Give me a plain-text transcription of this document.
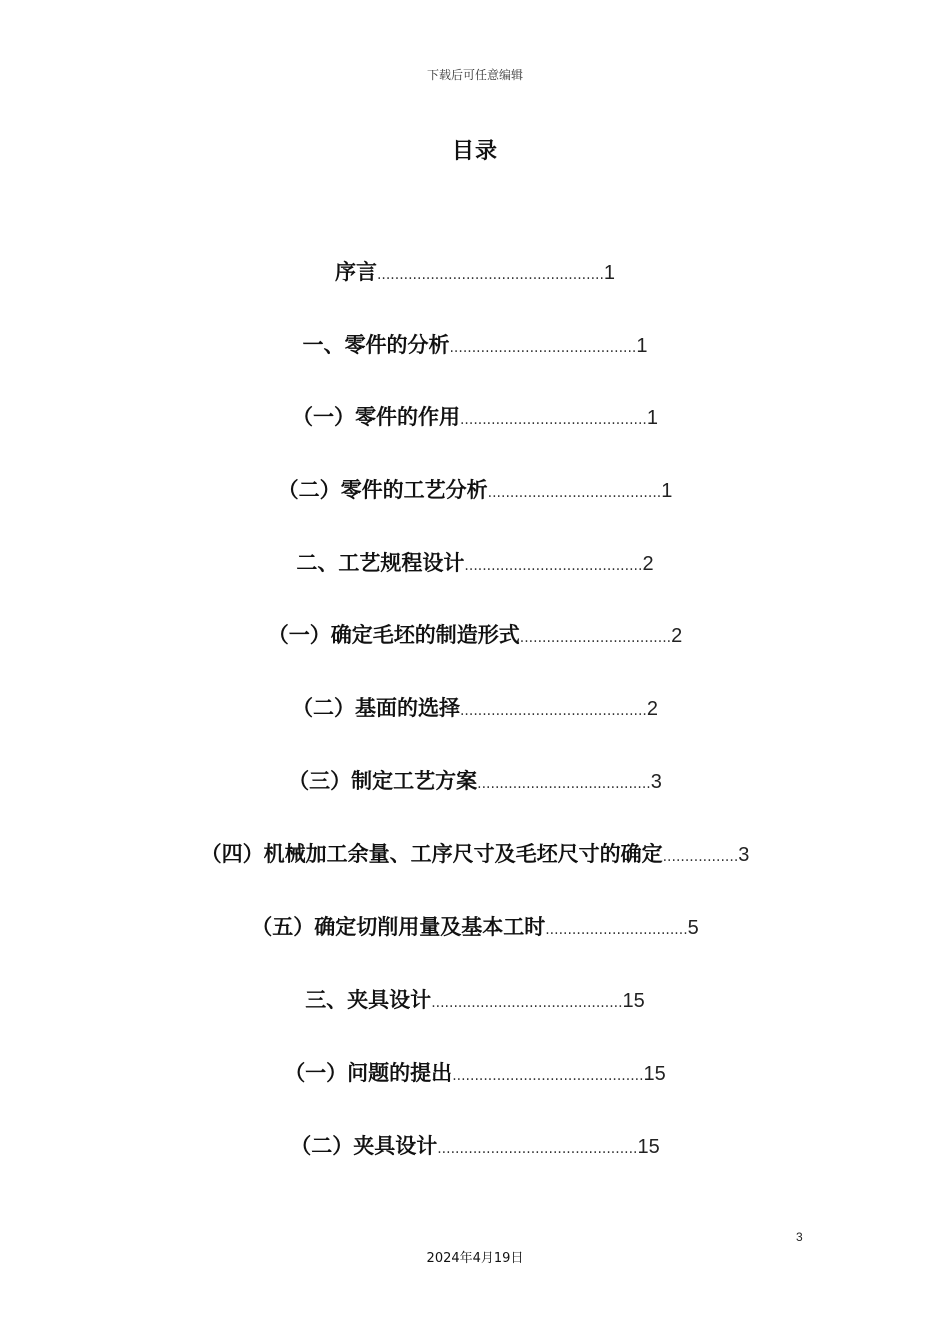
下载后可任意编辑
目录
序言...................................................1
一、零件的分析..........................................1
（一）零件的作用..........................................1
（二）零件的工艺分析.......................................1
二、工艺规程设计........................................2
（一）确定毛坯的制造形式..................................2
（二）基面的选择..........................................2
（三）制定工艺方案.......................................3
（四）机械加工余量、工序尺寸及毛坯尺寸的确定.................3
（五）确定切削用量及基本工时................................5
三、夹具设计...........................................15
（一）问题的提出...........................................15
（二）夹具设计.............................................15
3
2024年4月19日
